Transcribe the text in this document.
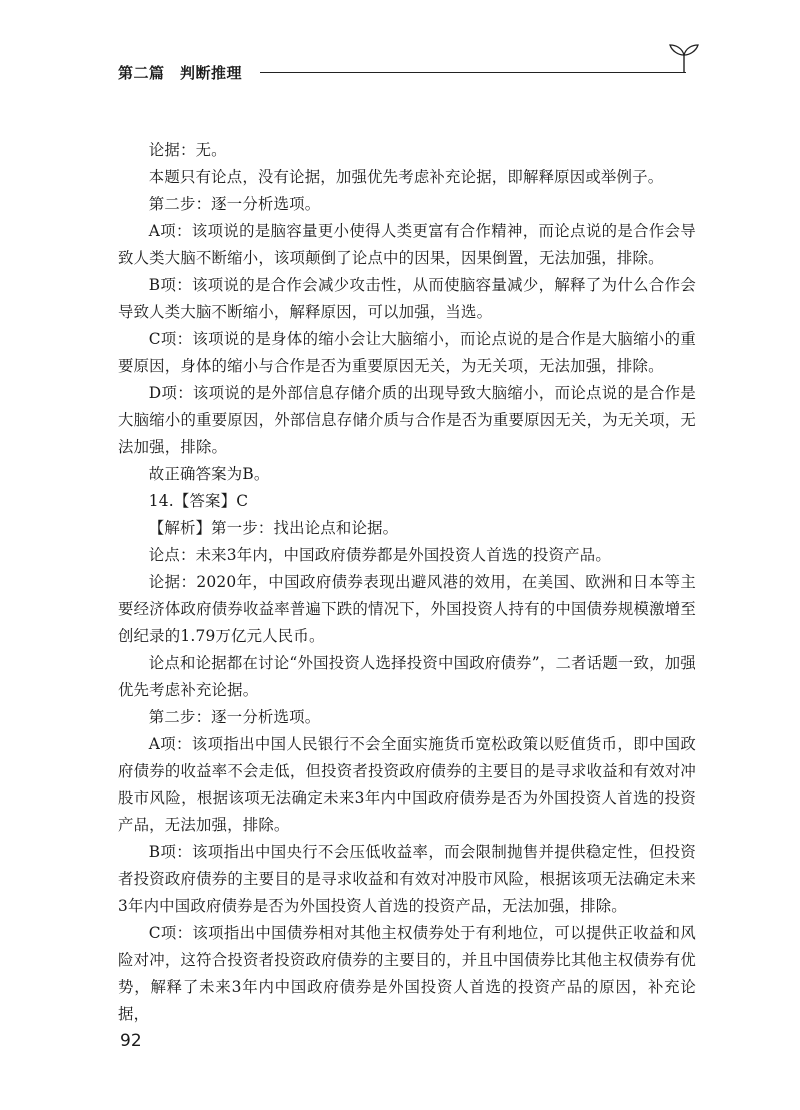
第二篇　判断推理

论据：无。

本题只有论点，没有论据，加强优先考虑补充论据，即解释原因或举例子。

第二步：逐一分析选项。

A项：该项说的是脑容量更小使得人类更富有合作精神，而论点说的是合作会导致人类大脑不断缩小，该项颠倒了论点中的因果，因果倒置，无法加强，排除。

B项：该项说的是合作会减少攻击性，从而使脑容量减少，解释了为什么合作会导致人类大脑不断缩小，解释原因，可以加强，当选。

C项：该项说的是身体的缩小会让大脑缩小，而论点说的是合作是大脑缩小的重要原因，身体的缩小与合作是否为重要原因无关，为无关项，无法加强，排除。

D项：该项说的是外部信息存储介质的出现导致大脑缩小，而论点说的是合作是大脑缩小的重要原因，外部信息存储介质与合作是否为重要原因无关，为无关项，无法加强，排除。

故正确答案为B。

14.【答案】C

【解析】第一步：找出论点和论据。

论点：未来3年内，中国政府债券都是外国投资人首选的投资产品。

论据：2020年，中国政府债券表现出避风港的效用，在美国、欧洲和日本等主要经济体政府债券收益率普遍下跌的情况下，外国投资人持有的中国债券规模激增至创纪录的1.79万亿元人民币。

论点和论据都在讨论“外国投资人选择投资中国政府债券”，二者话题一致，加强优先考虑补充论据。

第二步：逐一分析选项。

A项：该项指出中国人民银行不会全面实施货币宽松政策以贬值货币，即中国政府债券的收益率不会走低，但投资者投资政府债券的主要目的是寻求收益和有效对冲股市风险，根据该项无法确定未来3年内中国政府债券是否为外国投资人首选的投资产品，无法加强，排除。

B项：该项指出中国央行不会压低收益率，而会限制抛售并提供稳定性，但投资者投资政府债券的主要目的是寻求收益和有效对冲股市风险，根据该项无法确定未来3年内中国政府债券是否为外国投资人首选的投资产品，无法加强，排除。

C项：该项指出中国债券相对其他主权债券处于有利地位，可以提供正收益和风险对冲，这符合投资者投资政府债券的主要目的，并且中国债券比其他主权债券有优势，解释了未来3年内中国政府债券是外国投资人首选的投资产品的原因，补充论据，

92
